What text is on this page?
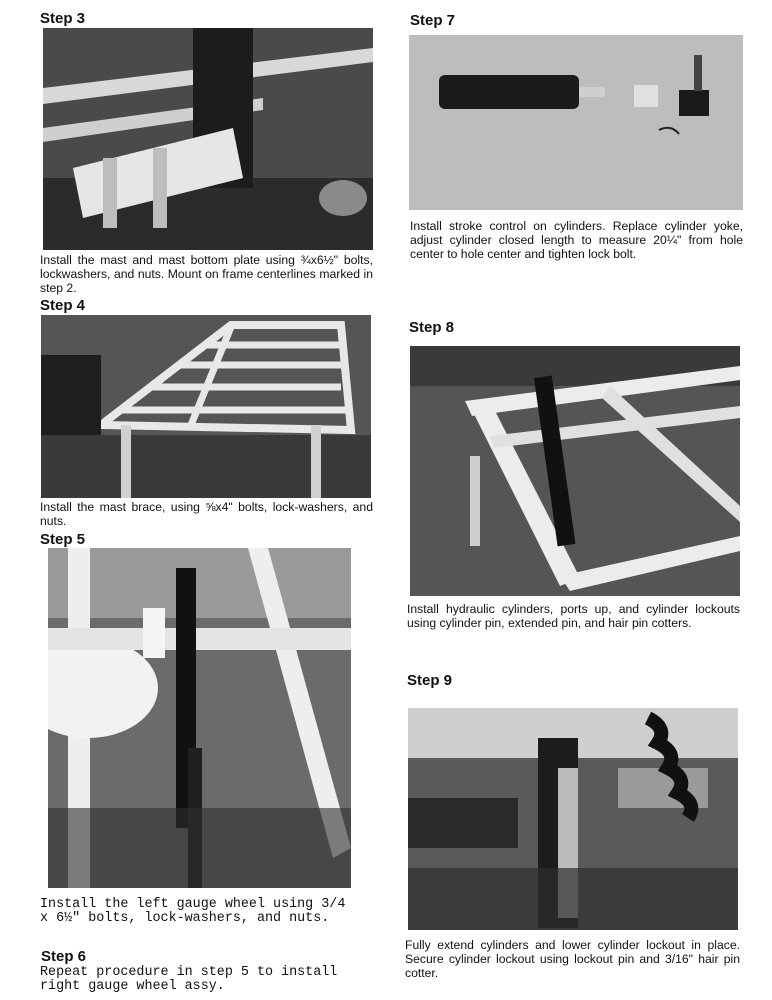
Step 3

Install the mast and mast bottom plate using ¾x6½" bolts, lockwashers, and nuts. Mount on frame centerlines marked in step 2.

Step 4

Install the mast brace, using ⅝x4" bolts, lock-washers, and nuts.

Step 5

Install the left gauge wheel using 3/4 x 6½" bolts, lock-washers, and nuts.

Step 6

Repeat procedure in step 5 to install right gauge wheel assy.

Step 7

Install stroke control on cylinders. Replace cylinder yoke, adjust cylinder closed length to measure 20¼" from hole center to hole center and tighten lock bolt.

Step 8

Install hydraulic cylinders, ports up, and cylinder lockouts using cylinder pin, extended pin, and hair pin cotters.

Step 9

Fully extend cylinders and lower cylinder lockout in place. Secure cylinder lockout using lockout pin and 3/16" hair pin cotter.
